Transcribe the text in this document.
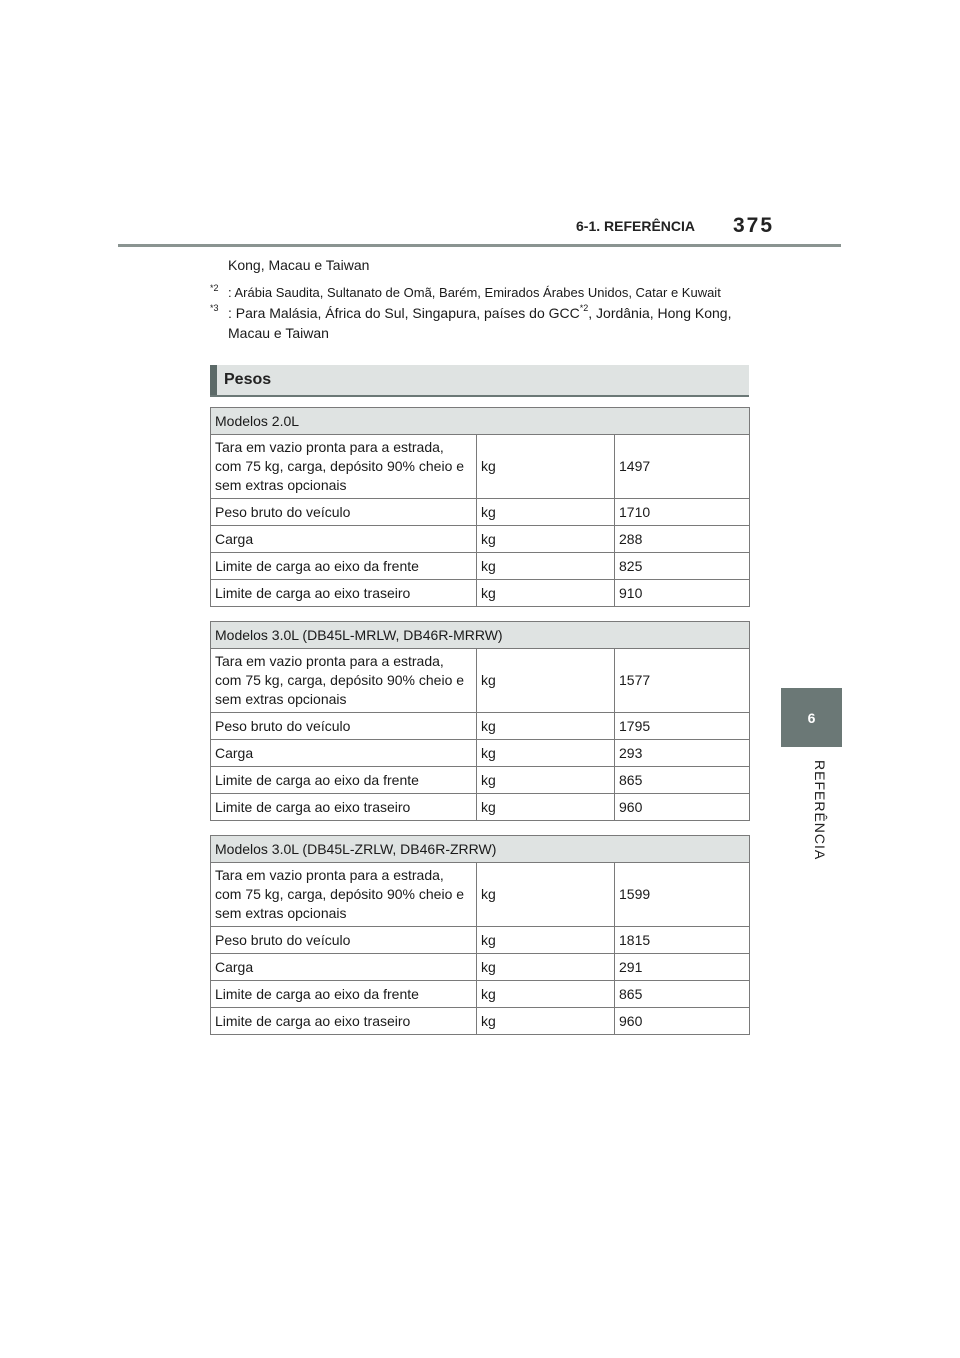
6-1. REFERÊNCIA 375
6
REFERÊNCIA
Kong, Macau e Taiwan
$^{*2}$ : Arábia Saudita, Sultanato de Omã, Barém, Emirados Árabes Unidos, Catar e Kuwait
$^{*3}$ : Para Malásia, África do Sul, Singapura, países do GCC$^{*2}$, Jordânia, Hong Kong,
Macau e Taiwan
Pesos
Modelos 2.0L		

Tara em vazio pronta para a estrada,
com 75 kg, carga, depósito 90% cheio e
sem extras opcionais	kg	1497
Peso bruto do veículo	kg	1710
Carga	kg	288
Limite de carga ao eixo da frente	kg	825
Limite de carga ao eixo traseiro	kg	910
Modelos 3.0L (DB45L-MRLW, DB46R-MRRW)		

Tara em vazio pronta para a estrada,
com 75 kg, carga, depósito 90% cheio e
sem extras opcionais	kg	1577
Peso bruto do veículo	kg	1795
Carga	kg	293
Limite de carga ao eixo da frente	kg	865
Limite de carga ao eixo traseiro	kg	960
Modelos 3.0L (DB45L-ZRLW, DB46R-ZRRW)		

Tara em vazio pronta para a estrada,
com 75 kg, carga, depósito 90% cheio e
sem extras opcionais	kg	1599
Peso bruto do veículo	kg	1815
Carga	kg	291
Limite de carga ao eixo da frente	kg	865
Limite de carga ao eixo traseiro	kg	960
